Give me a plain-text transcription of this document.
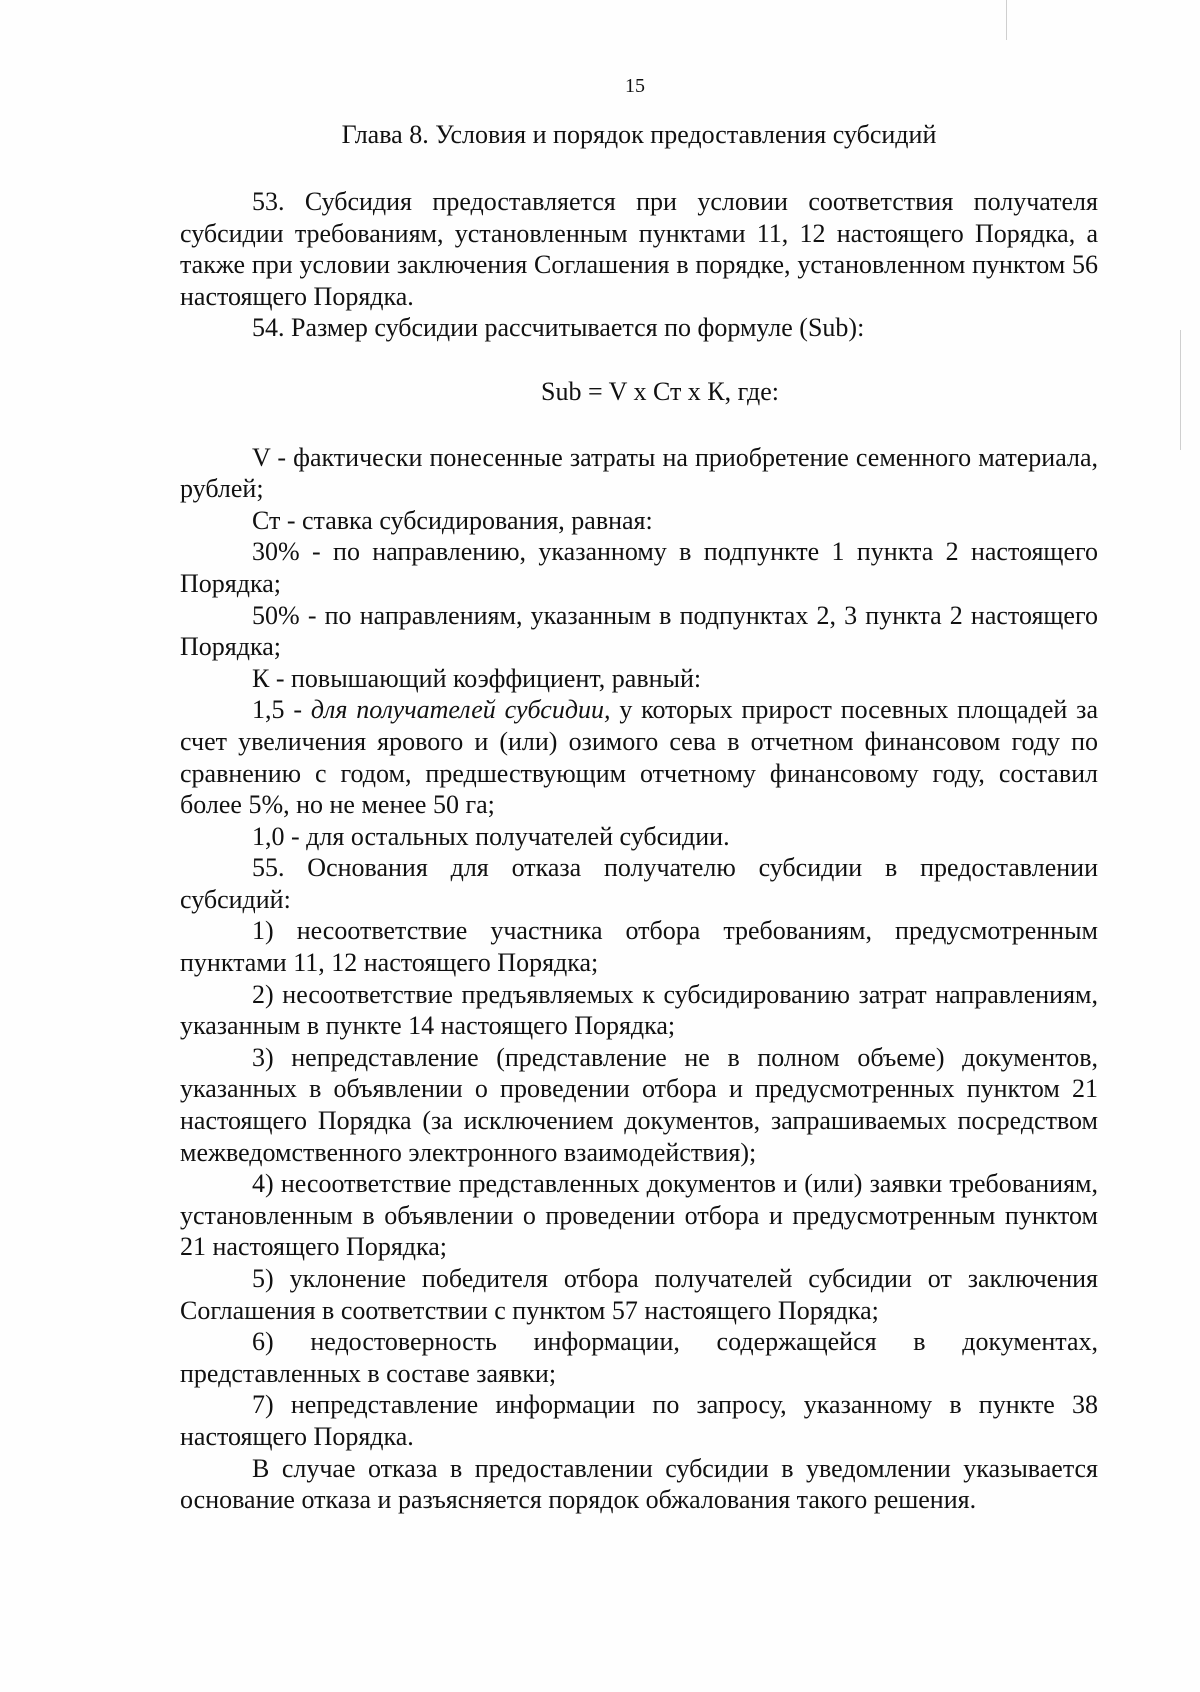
15
Глава 8. Условия и порядок предоставления субсидий

53. Субсидия предоставляется при условии соответствия получателя субсидии требованиям, установленным пунктами 11, 12 настоящего Порядка, а также при условии заключения Соглашения в порядке, установленном пунктом 56 настоящего Порядка.

54. Размер субсидии рассчитывается по формуле (Sub):

Sub = V х Ст х К, где:

V - фактически понесенные затраты на приобретение семенного материала, рублей;

Ст - ставка субсидирования, равная:

30% - по направлению, указанному в подпункте 1 пункта 2 настоящего Порядка;

50% - по направлениям, указанным в подпунктах 2, 3 пункта 2 настоящего Порядка;

К - повышающий коэффициент, равный:

1,5 - для получателей субсидии, у которых прирост посевных площадей за счет увеличения ярового и (или) озимого сева в отчетном финансовом году по сравнению с годом, предшествующим отчетному финансовому году, составил более 5%, но не менее 50 га;

1,0 - для остальных получателей субсидии.

55. Основания для отказа получателю субсидии в предоставлении субсидий:

1) несоответствие участника отбора требованиям, предусмотренным пунктами 11, 12 настоящего Порядка;

2) несоответствие предъявляемых к субсидированию затрат направлениям, указанным в пункте 14 настоящего Порядка;

3) непредставление (представление не в полном объеме) документов, указанных в объявлении о проведении отбора и предусмотренных пунктом 21 настоящего Порядка (за исключением документов, запрашиваемых посредством межведомственного электронного взаимодействия);

4) несоответствие представленных документов и (или) заявки требованиям, установленным в объявлении о проведении отбора и предусмотренным пунктом 21 настоящего Порядка;

5) уклонение победителя отбора получателей субсидии от заключения Соглашения в соответствии с пунктом 57 настоящего Порядка;

6) недостоверность информации, содержащейся в документах, представленных в составе заявки;

7) непредставление информации по запросу, указанному в пункте 38 настоящего Порядка.

В случае отказа в предоставлении субсидии в уведомлении указывается основание отказа и разъясняется порядок обжалования такого решения.
